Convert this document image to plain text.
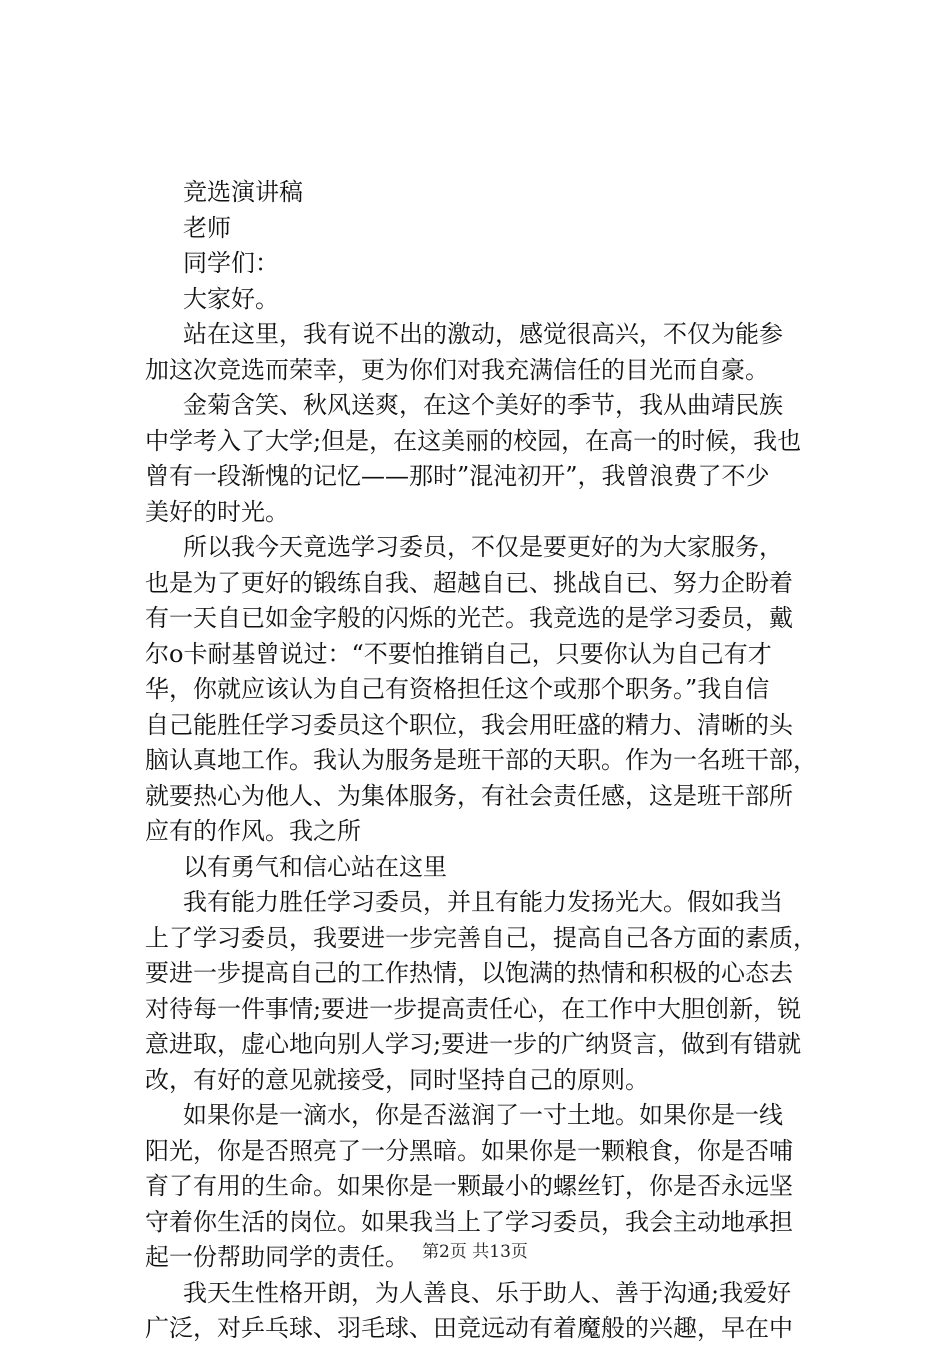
竞选演讲稿

老师

同学们：

大家好。

站在这里，我有说不出的激动，感觉很高兴，不仅为能参

加这次竞选而荣幸，更为你们对我充满信任的目光而自豪。

金菊含笑、秋风送爽，在这个美好的季节，我从曲靖民族

中学考入了大学;但是，在这美丽的校园，在高一的时候，我也

曾有一段渐愧的记忆——那时”混沌初开”，我曾浪费了不少

美好的时光。

所以我今天竟选学习委员，不仅是要更好的为大家服务，

也是为了更好的锻练自我、超越自已、挑战自已、努力企盼着

有一天自已如金字般的闪烁的光芒。我竞选的是学习委员，戴

尔o卡耐基曾说过：“不要怕推销自己，只要你认为自己有才

华，你就应该认为自己有资格担任这个或那个职务。”我自信

自己能胜任学习委员这个职位，我会用旺盛的精力、清晰的头

脑认真地工作。我认为服务是班干部的天职。作为一名班干部，

就要热心为他人、为集体服务，有社会责任感，这是班干部所

应有的作风。我之所

以有勇气和信心站在这里

我有能力胜任学习委员，并且有能力发扬光大。假如我当

上了学习委员，我要进一步完善自己，提高自己各方面的素质，

要进一步提高自己的工作热情，以饱满的热情和积极的心态去

对待每一件事情;要进一步提高责任心，在工作中大胆创新，锐

意进取，虚心地向别人学习;要进一步的广纳贤言，做到有错就

改，有好的意见就接受，同时坚持自己的原则。

如果你是一滴水，你是否滋润了一寸土地。如果你是一线

阳光，你是否照亮了一分黑暗。如果你是一颗粮食，你是否哺

育了有用的生命。如果你是一颗最小的螺丝钉，你是否永远坚

守着你生活的岗位。如果我当上了学习委员，我会主动地承担

起一份帮助同学的责任。

我天生性格开朗，为人善良、乐于助人、善于沟通;我爱好

广泛，对乒乓球、羽毛球、田竞远动有着魔般的兴趣，早在中

第2页 共13页
